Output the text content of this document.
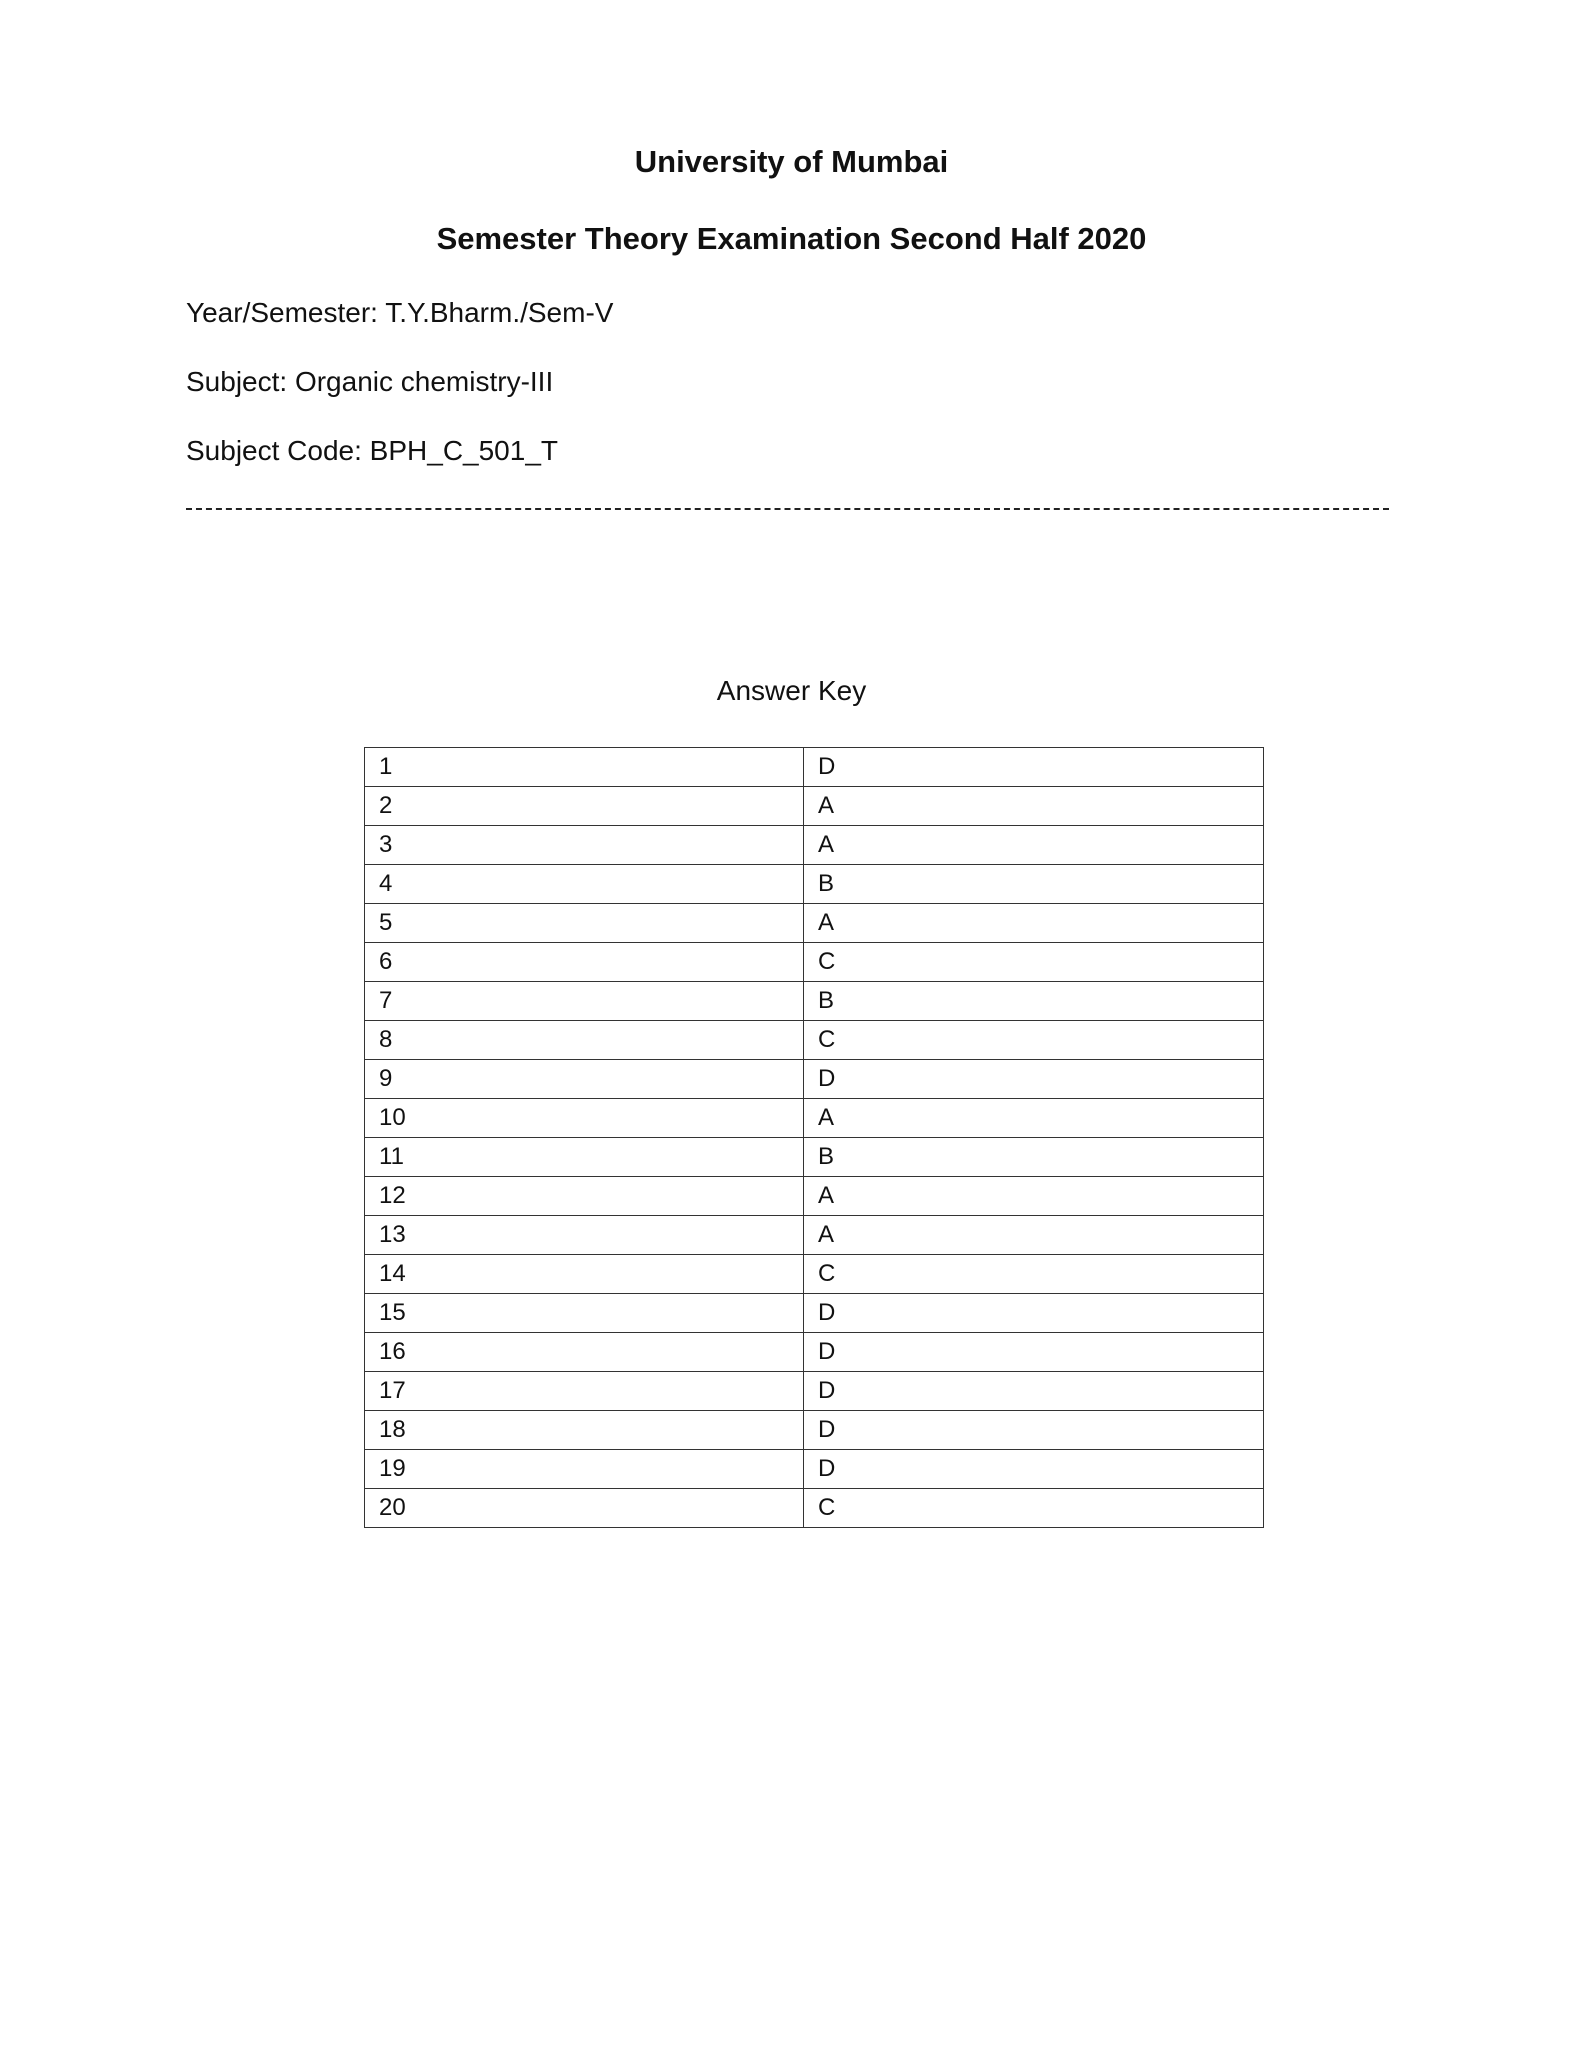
University of Mumbai
Semester Theory Examination Second Half 2020

Year/Semester: T.Y.Bharm./Sem-V

Subject: Organic chemistry-III

Subject Code: BPH_C_501_T

Answer Key

1	D
2	A
3	A
4	B
5	A
6	C
7	B
8	C
9	D
10	A
11	B
12	A
13	A
14	C
15	D
16	D
17	D
18	D
19	D
20	C
